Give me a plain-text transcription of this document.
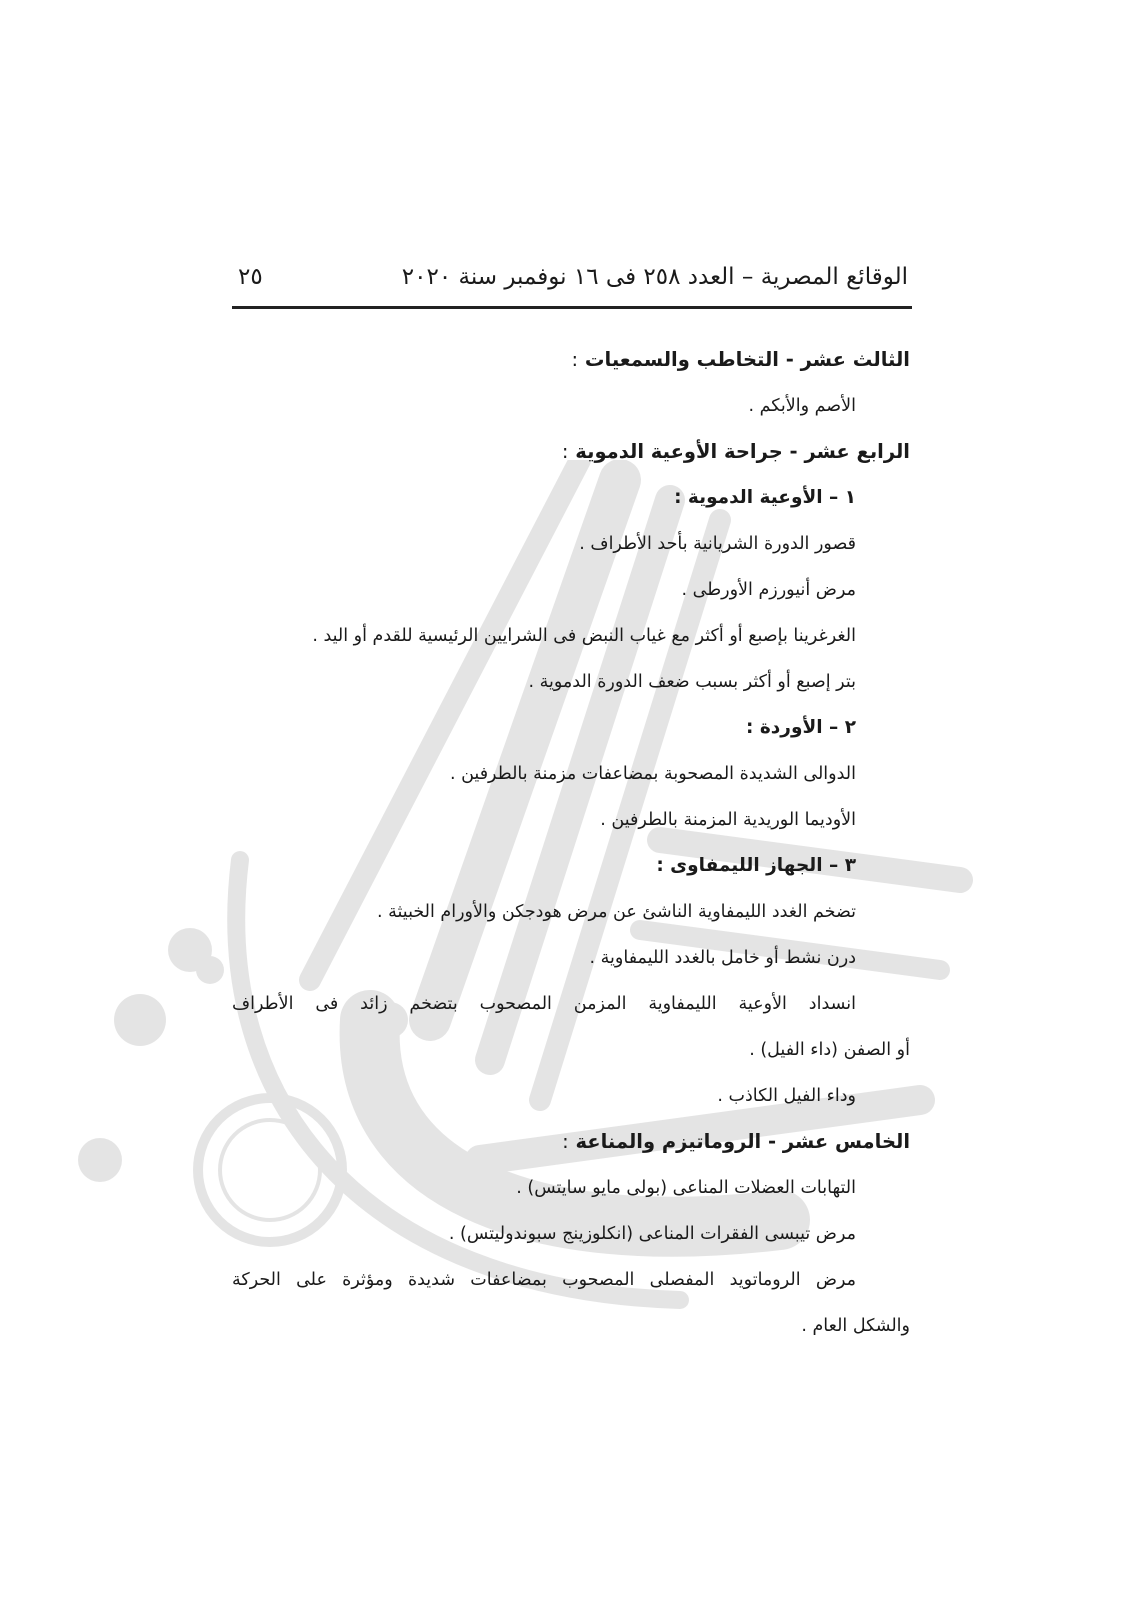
الوقائع المصرية – العدد ٢٥٨ فى ١٦ نوفمبر سنة ٢٠٢٠
٢٥
الثالث عشر - التخاطب والسمعيات :
الأصم والأبكم .
الرابع عشر - جراحة الأوعية الدموية :
١ – الأوعية الدموية :
قصور الدورة الشريانية بأحد الأطراف .
مرض أنيورزم الأورطى .
الغرغرينا بإصبع أو أكثر مع غياب النبض فى الشرايين الرئيسية للقدم أو اليد .
بتر إصبع أو أكثر بسبب ضعف الدورة الدموية .
٢ – الأوردة :
الدوالى الشديدة المصحوبة بمضاعفات مزمنة بالطرفين .
الأوديما الوريدية المزمنة بالطرفين .
٣ – الجهاز الليمفاوى :
تضخم الغدد الليمفاوية الناشئ عن مرض هودجكن والأورام الخبيثة .
درن نشط أو خامل بالغدد الليمفاوية .
انسداد الأوعية الليمفاوية المزمن المصحوب بتضخم زائد فى الأطراف
أو الصفن (داء الفيل) .
وداء الفيل الكاذب .
الخامس عشر - الروماتيزم والمناعة :
التهابات العضلات المناعى (بولى مايو سايتس) .
مرض تيبسى الفقرات المناعى (انكلوزينج سبوندوليتس) .
مرض الروماتويد المفصلى المصحوب بمضاعفات شديدة ومؤثرة على الحركة
والشكل العام .
